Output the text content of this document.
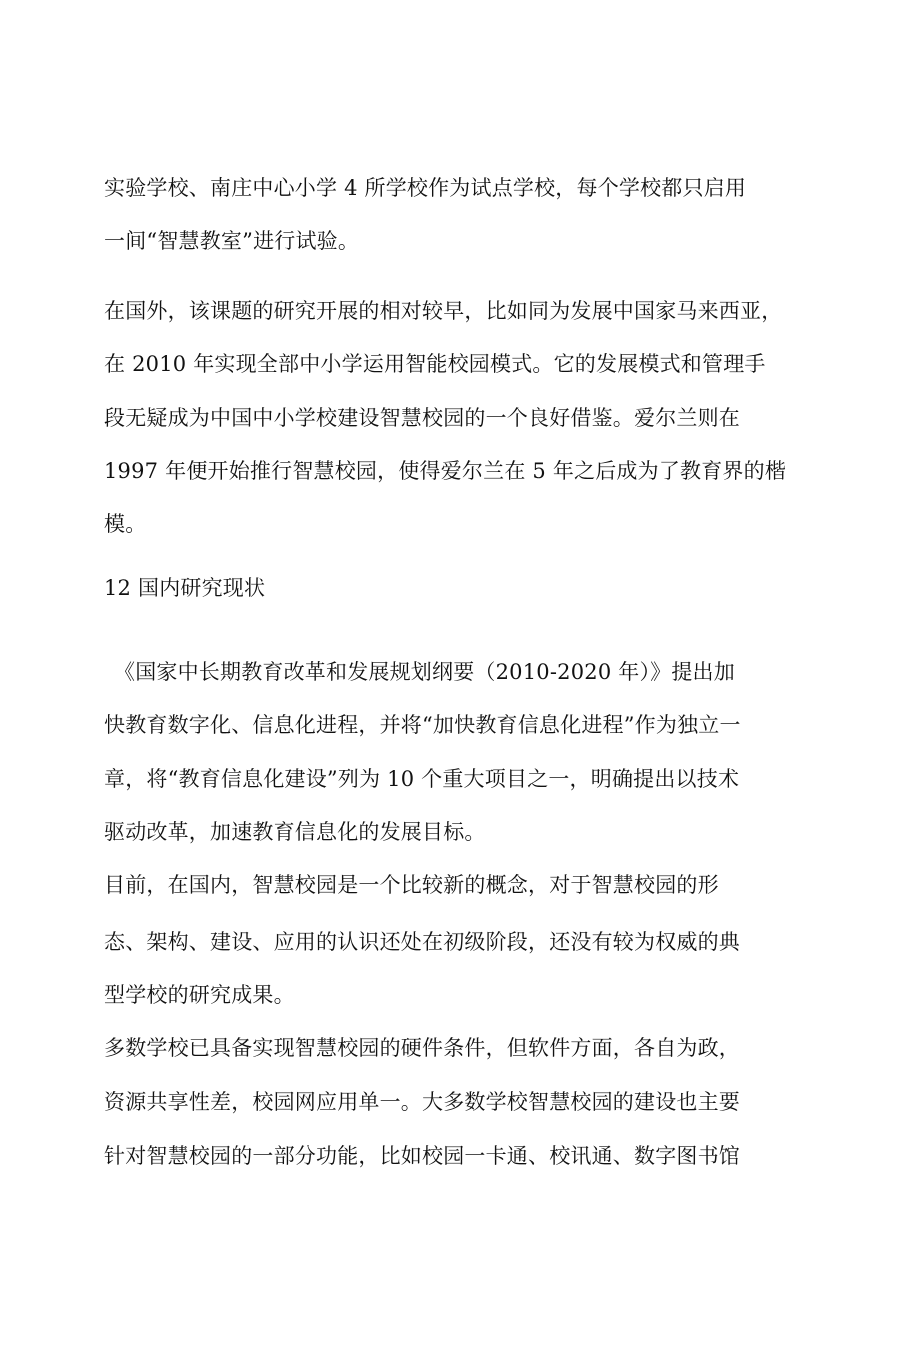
实验学校、南庄中心小学 4 所学校作为试点学校，每个学校都只启用
一间“智慧教室”进行试验。
在国外，该课题的研究开展的相对较早，比如同为发展中国家马来西亚，
在 2010 年实现全部中小学运用智能校园模式。它的发展模式和管理手
段无疑成为中国中小学校建设智慧校园的一个良好借鉴。爱尔兰则在
1997 年便开始推行智慧校园，使得爱尔兰在 5 年之后成为了教育界的楷
模。
12 国内研究现状
《国家中长期教育改革和发展规划纲要（2010-2020 年）》提出加
快教育数字化、信息化进程，并将“加快教育信息化进程”作为独立一
章，将“教育信息化建设”列为 10 个重大项目之一，明确提出以技术
驱动改革，加速教育信息化的发展目标。
目前，在国内，智慧校园是一个比较新的概念，对于智慧校园的形
态、架构、建设、应用的认识还处在初级阶段，还没有较为权威的典
型学校的研究成果。
多数学校已具备实现智慧校园的硬件条件，但软件方面，各自为政，
资源共享性差，校园网应用单一。大多数学校智慧校园的建设也主要
针对智慧校园的一部分功能，比如校园一卡通、校讯通、数字图书馆
